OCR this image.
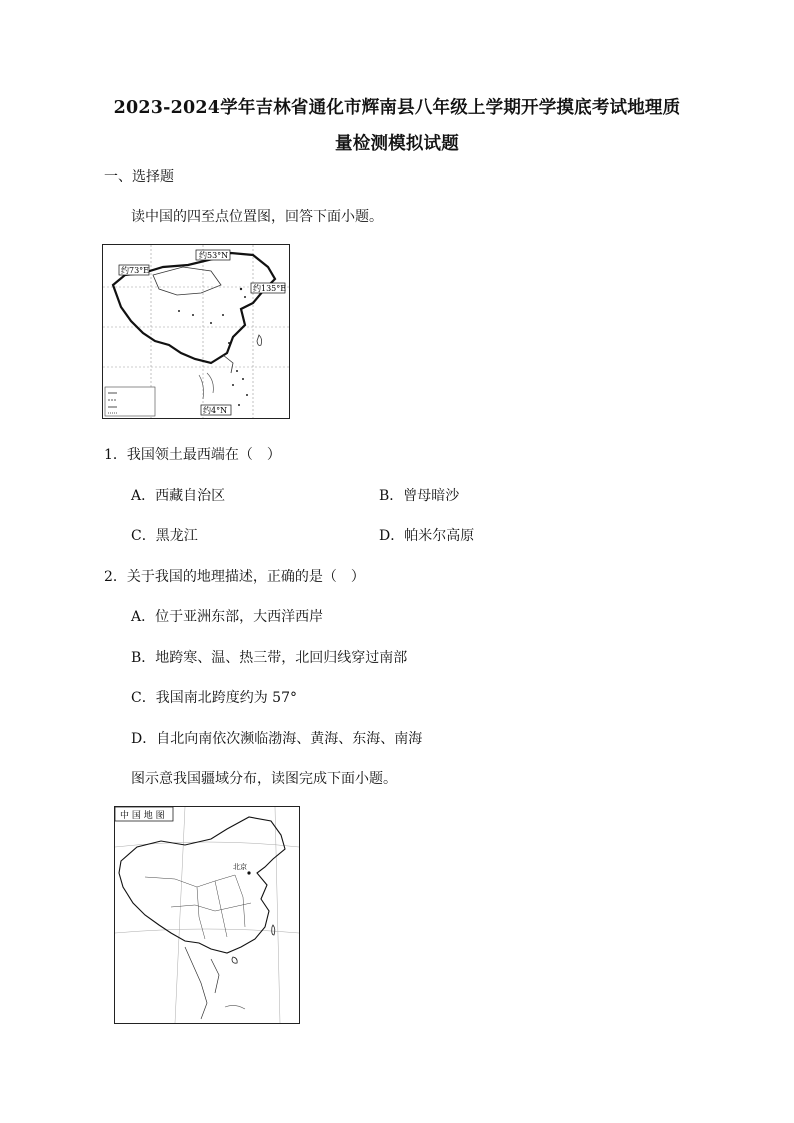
2023-2024学年吉林省通化市辉南县八年级上学期开学摸底考试地理质
量检测模拟试题
一、选择题
读中国的四至点位置图，回答下面小题。
约73°E
约53°N
约135°E
约4°N
1．我国领土最西端在（　）
A．西藏自治区	B．曾母暗沙
C．黑龙江	D．帕米尔高原
2．关于我国的地理描述，正确的是（　）
A．位于亚洲东部，大西洋西岸
B．地跨寒、温、热三带，北回归线穿过南部
C．我国南北跨度约为 57°
D．自北向南依次濒临渤海、黄海、东海、南海
图示意我国疆域分布，读图完成下面小题。
中 国 地 图
北京
